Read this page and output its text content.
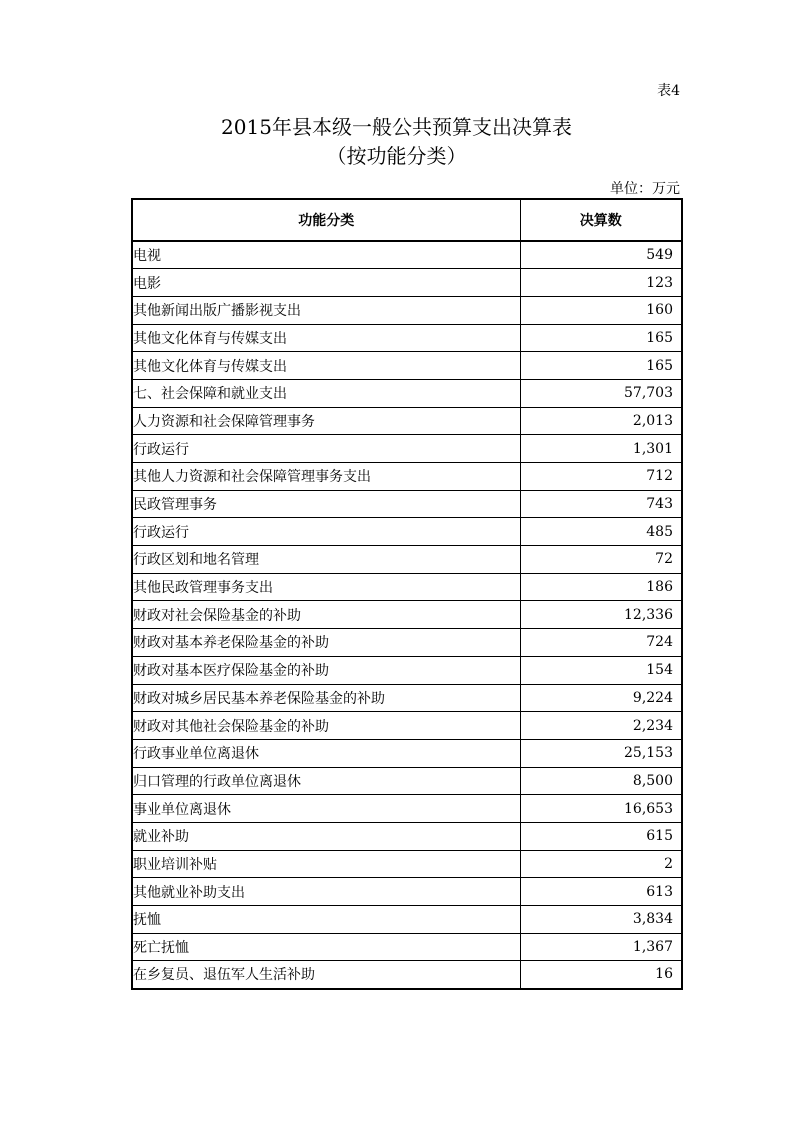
表4
2015年县本级一般公共预算支出决算表
（按功能分类）
单位：万元
功能分类	决算数
电视	549
电影	123
其他新闻出版广播影视支出	160
其他文化体育与传媒支出	165
其他文化体育与传媒支出	165
七、社会保障和就业支出	57,703
人力资源和社会保障管理事务	2,013
行政运行	1,301
其他人力资源和社会保障管理事务支出	712
民政管理事务	743
行政运行	485
行政区划和地名管理	72
其他民政管理事务支出	186
财政对社会保险基金的补助	12,336
财政对基本养老保险基金的补助	724
财政对基本医疗保险基金的补助	154
财政对城乡居民基本养老保险基金的补助	9,224
财政对其他社会保险基金的补助	2,234
行政事业单位离退休	25,153
归口管理的行政单位离退休	8,500
事业单位离退休	16,653
就业补助	615
职业培训补贴	2
其他就业补助支出	613
抚恤	3,834
死亡抚恤	1,367
在乡复员、退伍军人生活补助	16
